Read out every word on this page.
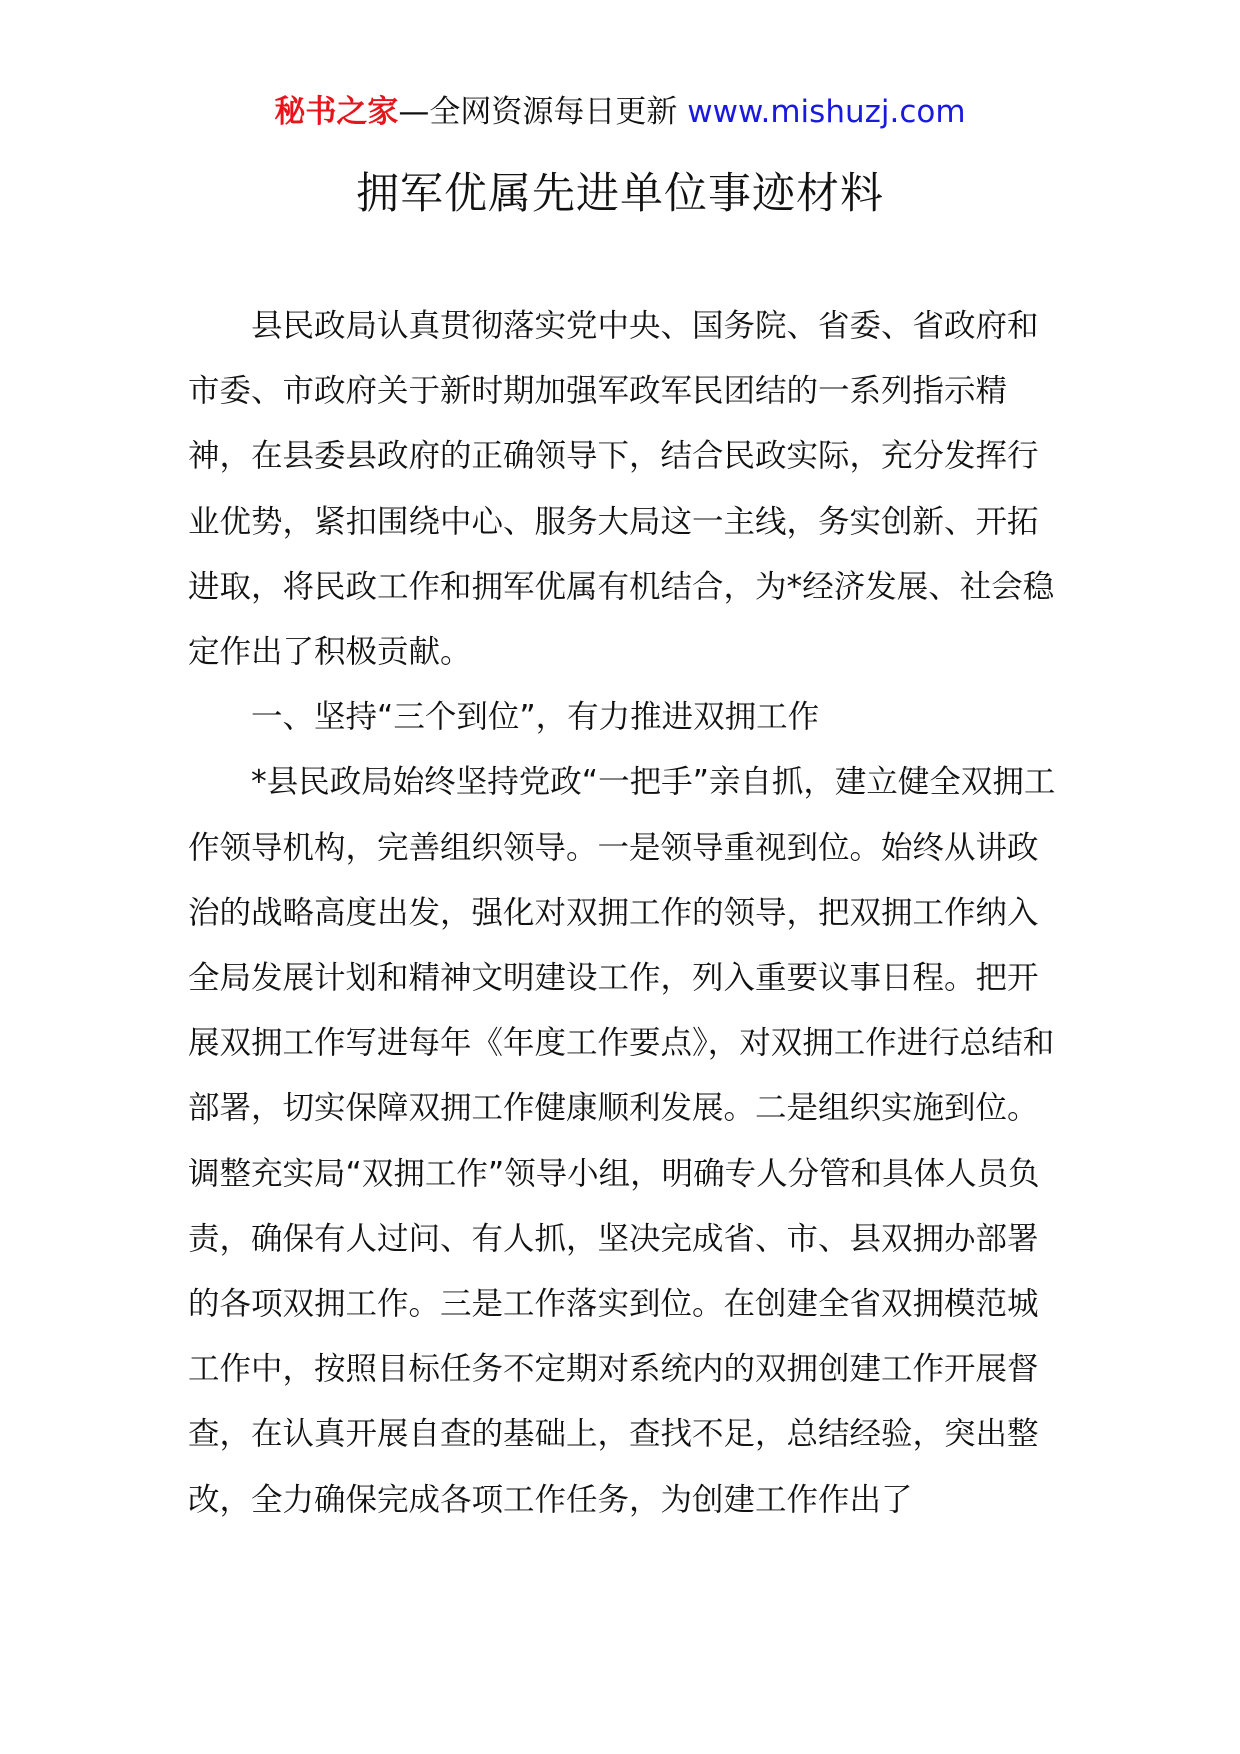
秘书之家—全网资源每日更新 www.mishuzj.com
拥军优属先进单位事迹材料

县民政局认真贯彻落实党中央、国务院、省委、省政府和市委、市政府关于新时期加强军政军民团结的一系列指示精神，在县委县政府的正确领导下，结合民政实际，充分发挥行业优势，紧扣围绕中心、服务大局这一主线，务实创新、开拓进取，将民政工作和拥军优属有机结合，为*经济发展、社会稳定作出了积极贡献。

一、坚持“三个到位”，有力推进双拥工作

*县民政局始终坚持党政“一把手”亲自抓，建立健全双拥工作领导机构，完善组织领导。一是领导重视到位。始终从讲政治的战略高度出发，强化对双拥工作的领导，把双拥工作纳入全局发展计划和精神文明建设工作，列入重要议事日程。把开展双拥工作写进每年《年度工作要点》，对双拥工作进行总结和部署，切实保障双拥工作健康顺利发展。二是组织实施到位。调整充实局“双拥工作”领导小组，明确专人分管和具体人员负责，确保有人过问、有人抓，坚决完成省、市、县双拥办部署的各项双拥工作。三是工作落实到位。在创建全省双拥模范城工作中，按照目标任务不定期对系统内的双拥创建工作开展督查，在认真开展自查的基础上，查找不足，总结经验，突出整改，全力确保完成各项工作任务，为创建工作作出了
